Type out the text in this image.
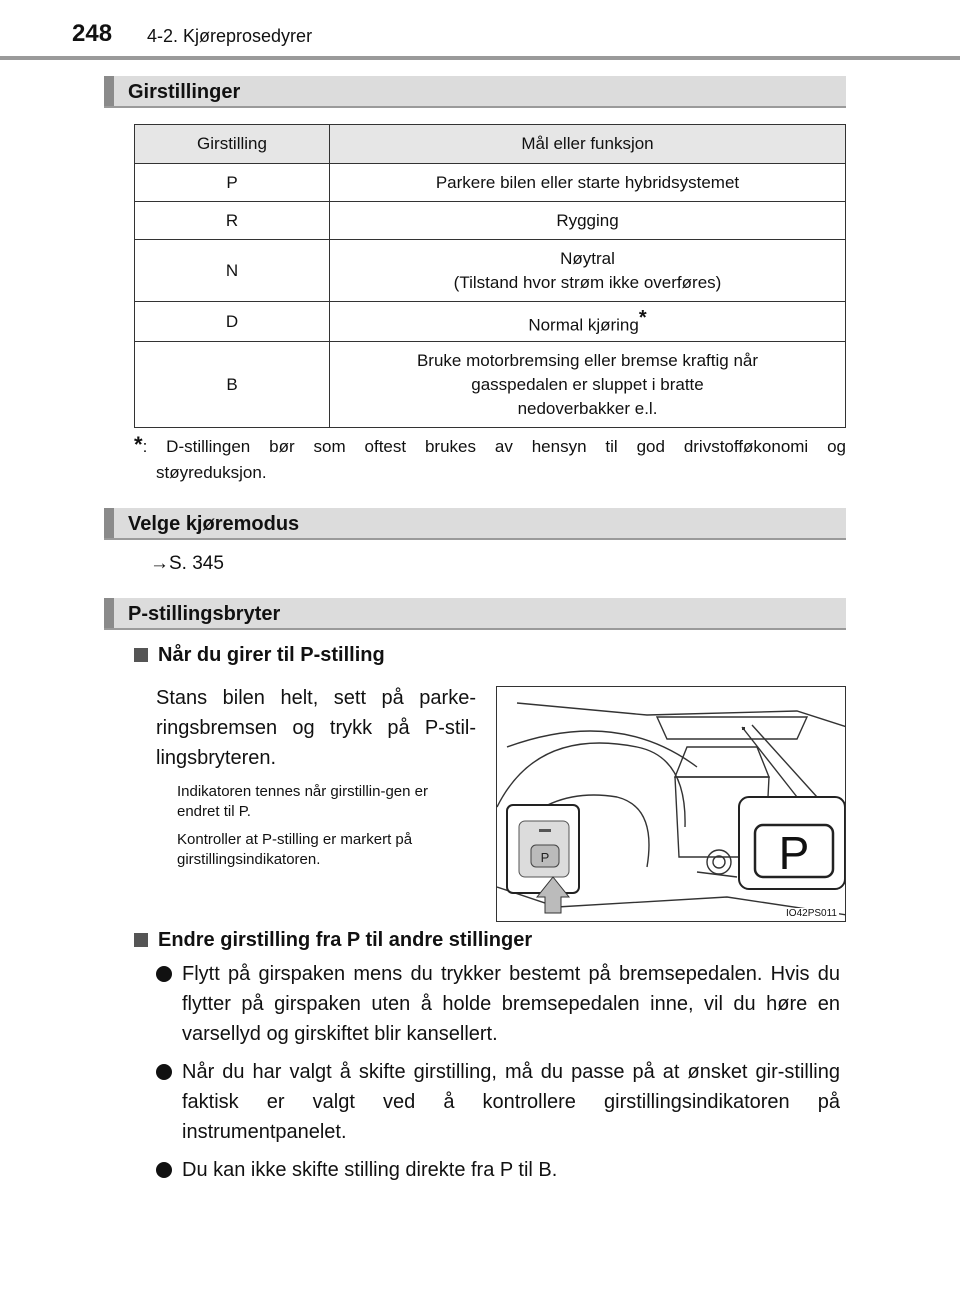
248 4-2. Kjøreprosedyrer
Girstillinger
Girstilling	Mål eller funksjon
P	Parkere bilen eller starte hybridsystemet
R	Rygging
N	Nøytral
(Tilstand hvor strøm ikke overføres)

D	Normal kjøring*
B	Bruke motorbremsing eller bremse kraftig når
gasspedalen er sluppet i bratte
nedoverbakker e.l.
*: D-stillingen bør som oftest brukes av hensyn til god drivstofføkonomi og
støyreduksjon.
Velge kjøremodus
→S. 345
P-stillingsbryter
Når du girer til P-stilling
Stans bilen helt, sett på parke-ringsbremsen og trykk på P-stil-lingsbryteren.
Indikatoren tennes når girstillin-gen er endret til P.
Kontroller at P-stilling er markert på girstillingsindikatoren.	P	P
IO42PS011
Endre girstilling fra P til andre stillinger
Flytt på girspaken mens du trykker bestemt på bremsepedalen. Hvis du flytter på girspaken uten å holde bremsepedalen inne, vil du høre en varsellyd og girskiftet blir kansellert.
Når du har valgt å skifte girstilling, må du passe på at ønsket gir-stilling faktisk er valgt ved å kontrollere girstillingsindikatoren på instrumentpanelet.
Du kan ikke skifte stilling direkte fra P til B.
